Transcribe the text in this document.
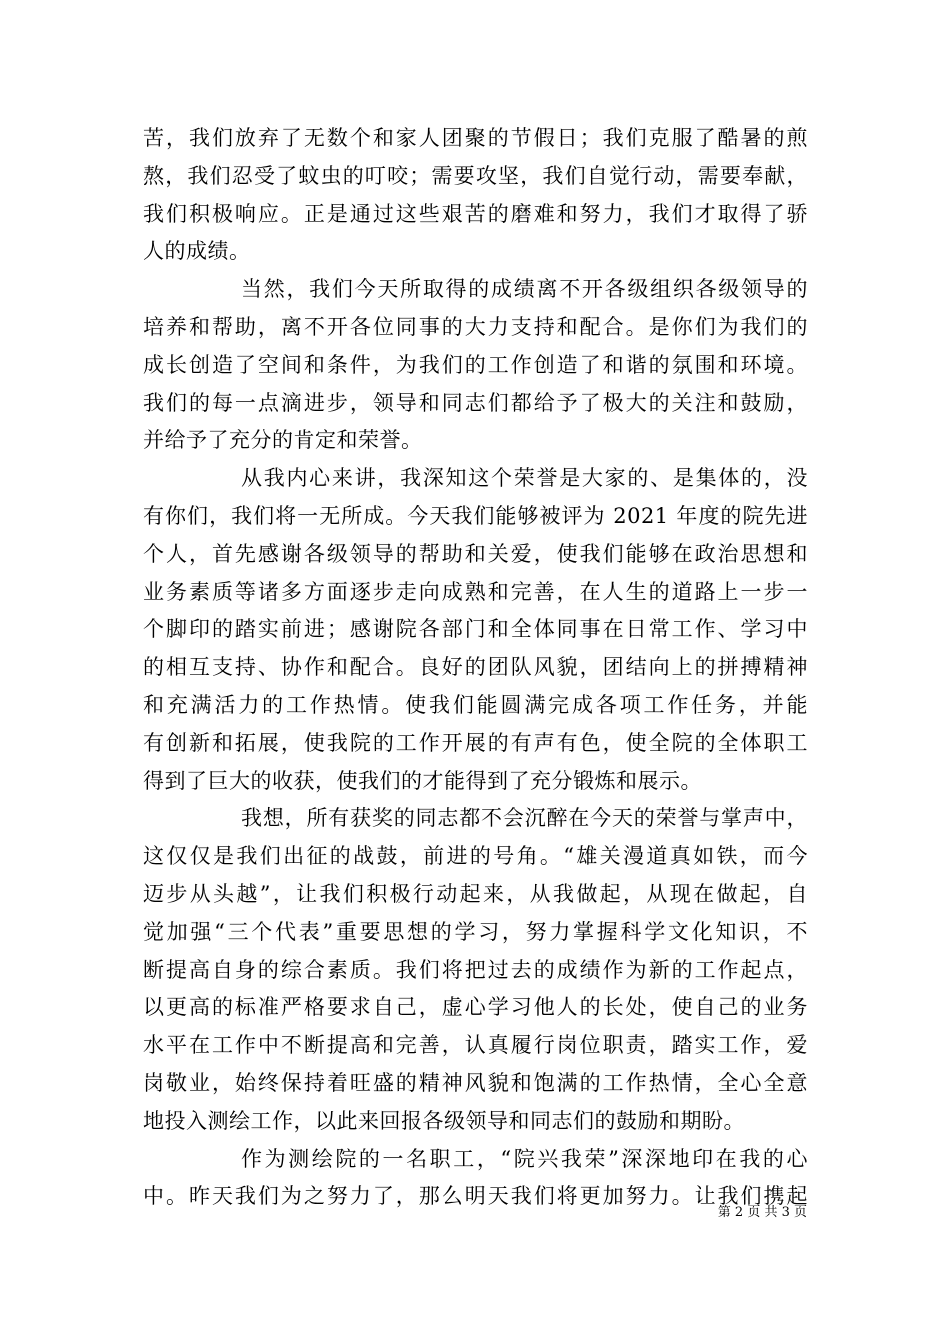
苦，我们放弃了无数个和家人团聚的节假日；我们克服了酷暑的煎
熬，我们忍受了蚊虫的叮咬；需要攻坚，我们自觉行动，需要奉献，
我们积极响应。正是通过这些艰苦的磨难和努力，我们才取得了骄
人的成绩。
当然，我们今天所取得的成绩离不开各级组织各级领导的
培养和帮助，离不开各位同事的大力支持和配合。是你们为我们的
成长创造了空间和条件，为我们的工作创造了和谐的氛围和环境。
我们的每一点滴进步，领导和同志们都给予了极大的关注和鼓励，
并给予了充分的肯定和荣誉。
从我内心来讲，我深知这个荣誉是大家的、是集体的，没
有你们，我们将一无所成。今天我们能够被评为 2021 年度的院先进
个人，首先感谢各级领导的帮助和关爱，使我们能够在政治思想和
业务素质等诸多方面逐步走向成熟和完善，在人生的道路上一步一
个脚印的踏实前进；感谢院各部门和全体同事在日常工作、学习中
的相互支持、协作和配合。良好的团队风貌，团结向上的拼搏精神
和充满活力的工作热情。使我们能圆满完成各项工作任务，并能
有创新和拓展，使我院的工作开展的有声有色，使全院的全体职工
得到了巨大的收获，使我们的才能得到了充分锻炼和展示。
我想，所有获奖的同志都不会沉醉在今天的荣誉与掌声中，
这仅仅是我们出征的战鼓，前进的号角。“雄关漫道真如铁，而今
迈步从头越”，让我们积极行动起来，从我做起，从现在做起，自
觉加强“三个代表”重要思想的学习，努力掌握科学文化知识，不
断提高自身的综合素质。我们将把过去的成绩作为新的工作起点，
以更高的标准严格要求自己，虚心学习他人的长处，使自己的业务
水平在工作中不断提高和完善，认真履行岗位职责，踏实工作，爱
岗敬业，始终保持着旺盛的精神风貌和饱满的工作热情，全心全意
地投入测绘工作，以此来回报各级领导和同志们的鼓励和期盼。
作为测绘院的一名职工，“院兴我荣”深深地印在我的心
中。昨天我们为之努力了，那么明天我们将更加努力。让我们携起
第 2 页 共 3 页
